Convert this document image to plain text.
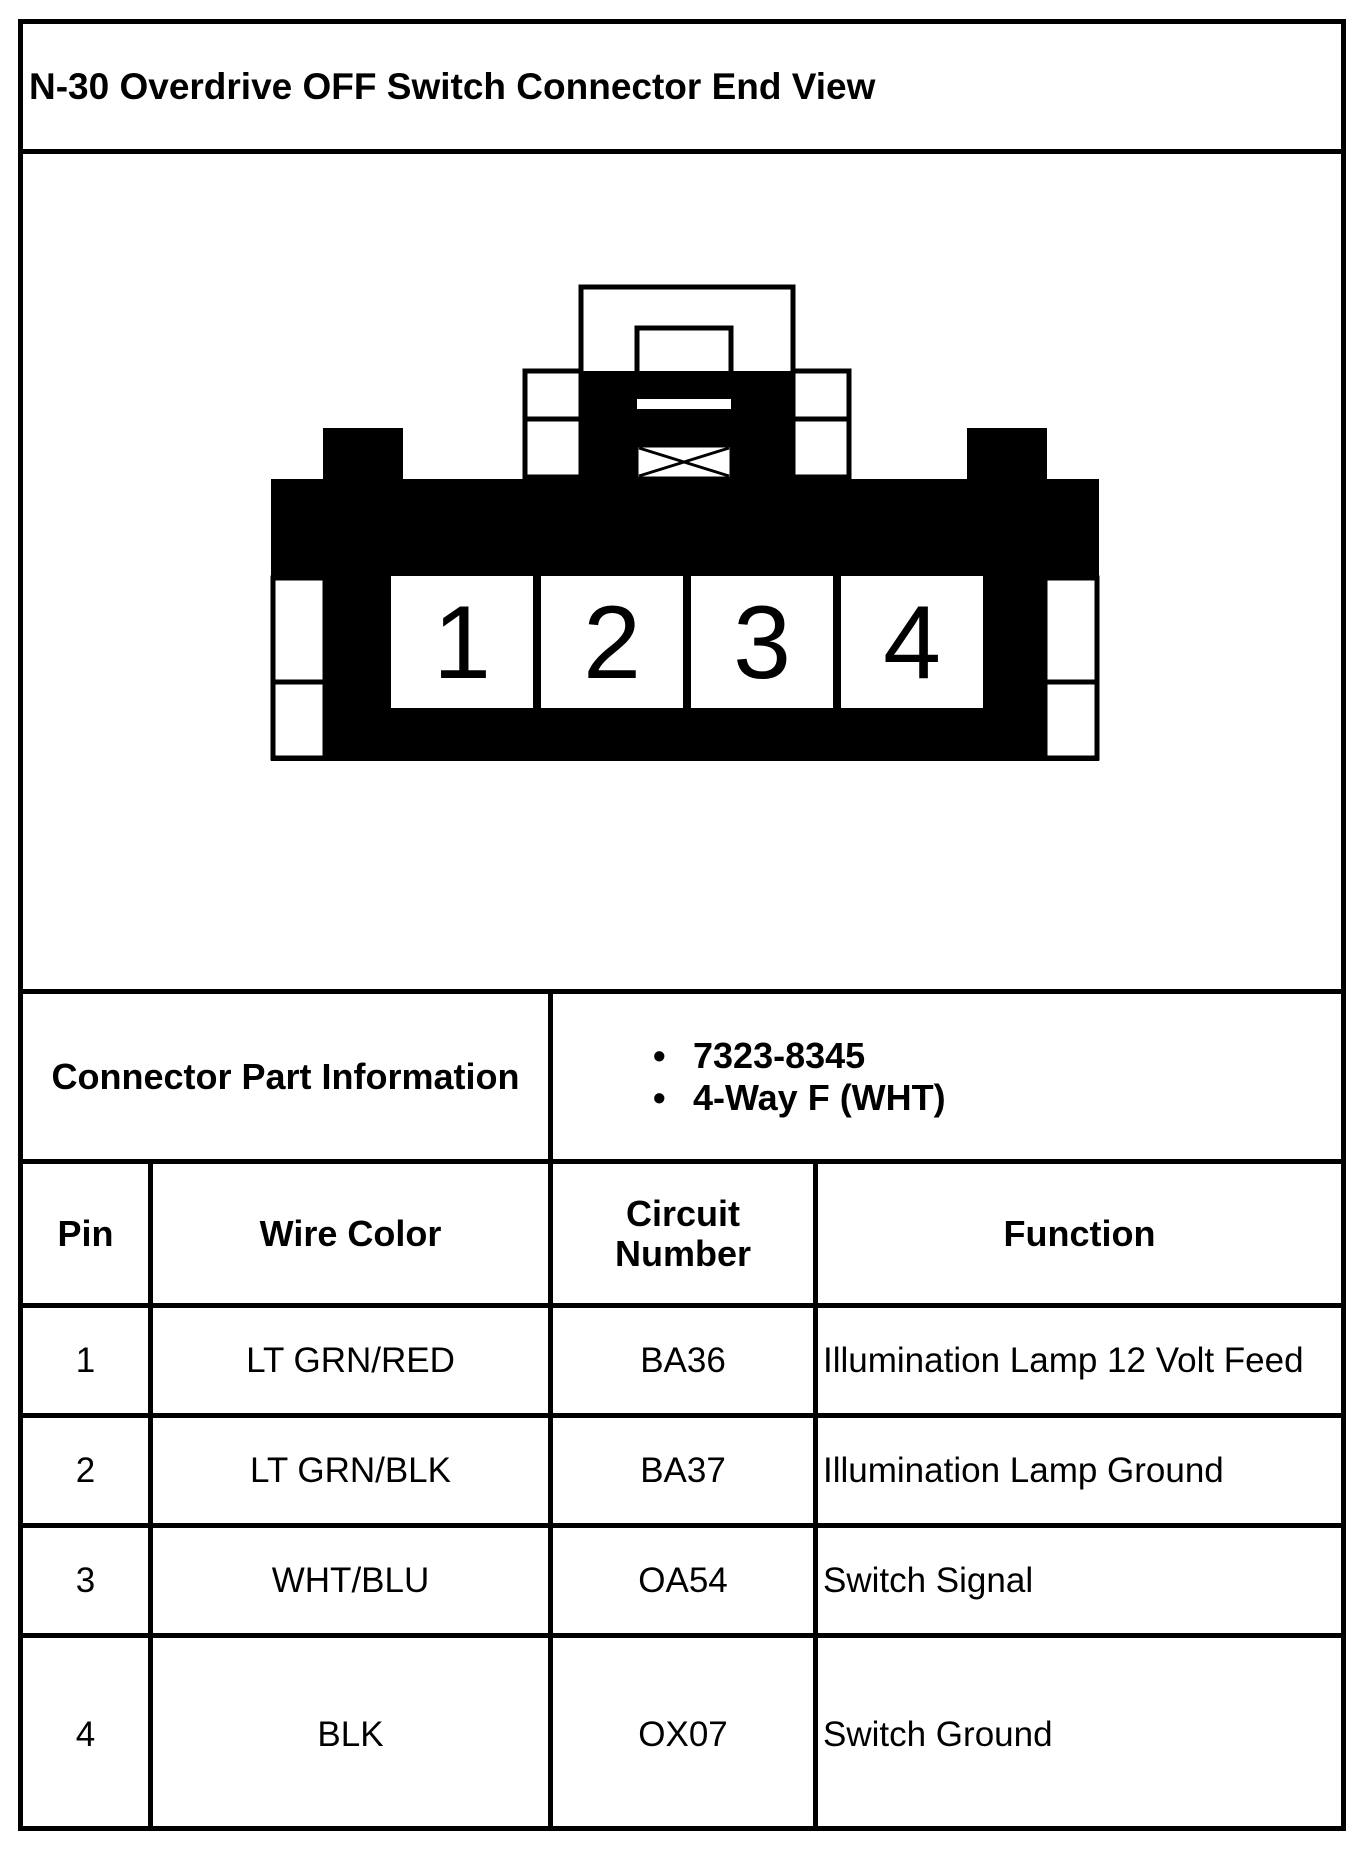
N-30 Overdrive OFF Switch Connector End View
1 2 3 4
Connector Part Information
• 7323-8345
• 4-Way F (WHT)
Pin	Wire Color	Circuit
Number	Function
1	LT GRN/RED	BA36	Illumination Lamp 12 Volt Feed
2	LT GRN/BLK	BA37	Illumination Lamp Ground
3	WHT/BLU	OA54	Switch Signal
4	BLK	OX07	Switch Ground
